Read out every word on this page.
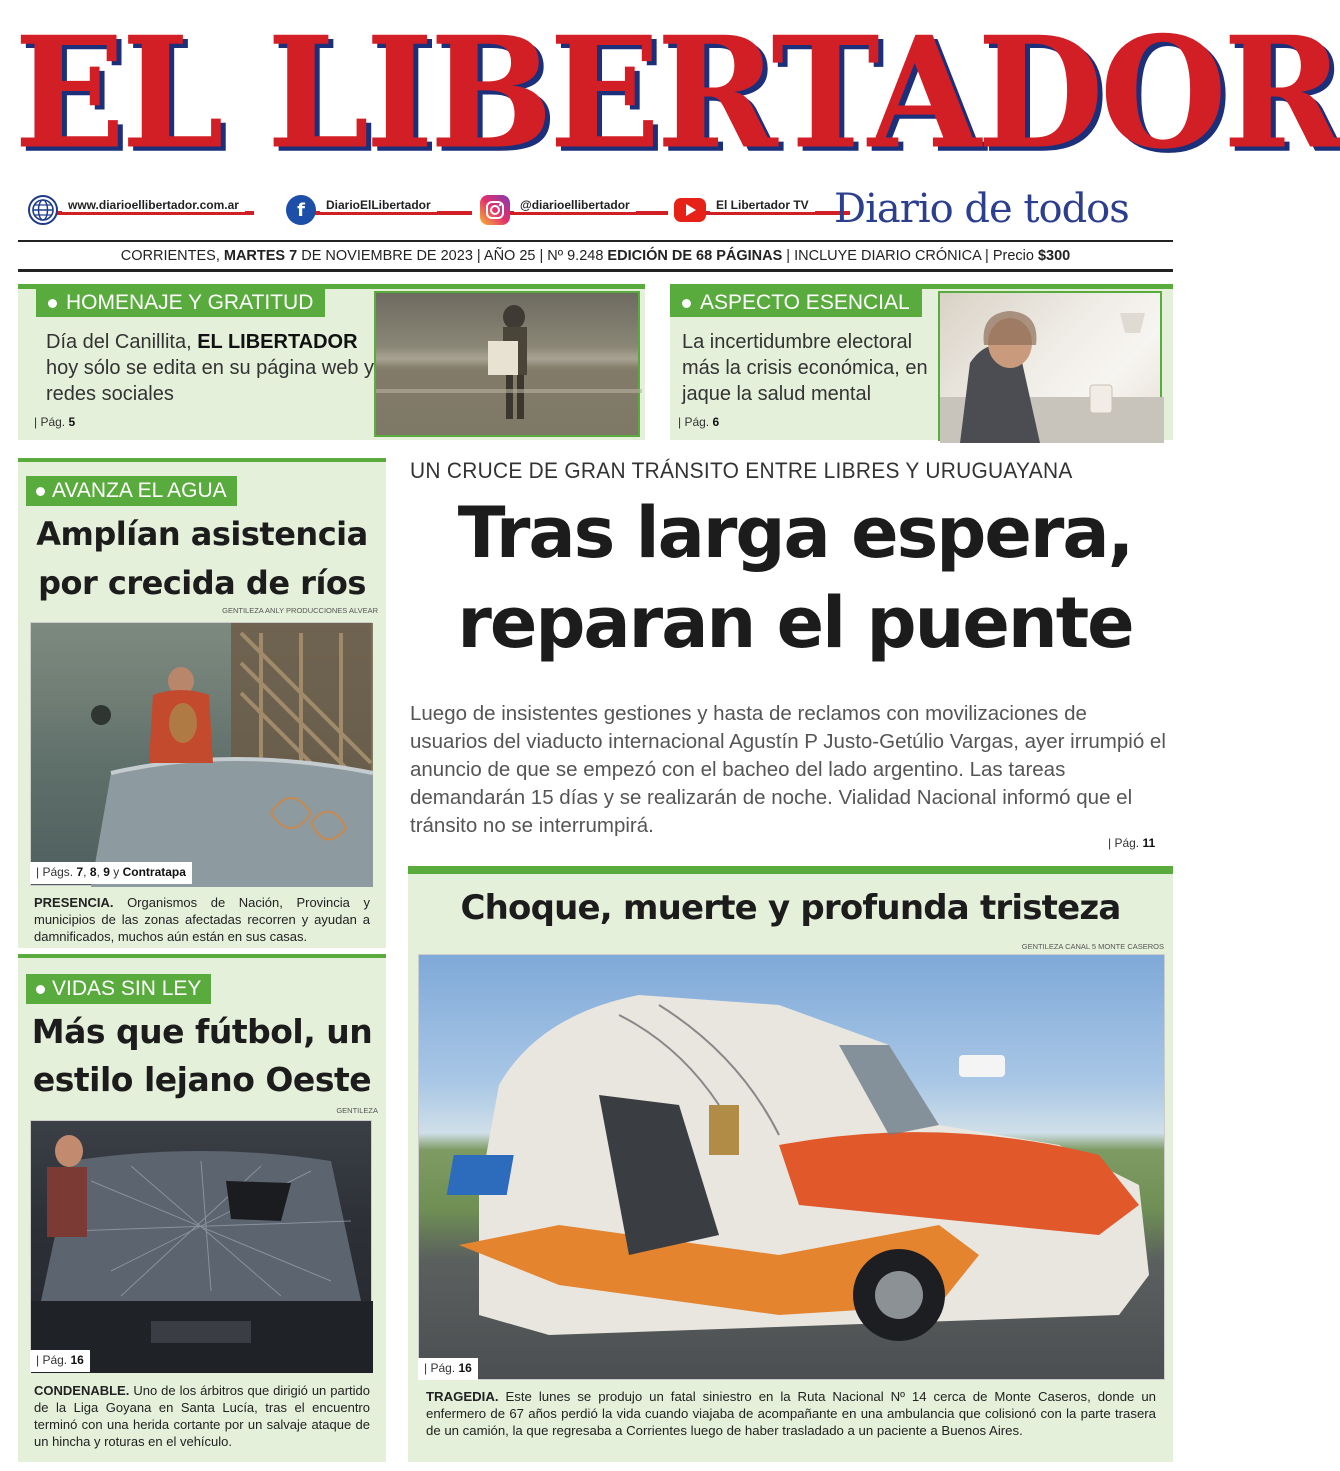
EL LIBERTADOR
www.diarioellibertador.com.ar	f	DiarioElLibertador	@diarioellibertador	El Libertador TV Diario de todos
CORRIENTES,
MARTES 7
DE NOVIEMBRE DE 2023 | AÑO 25 | Nº 9.248
EDICIÓN DE 68 PÁGINAS
| INCLUYE DIARIO CRÓNICA | Precio
$300
HOMENAJE Y GRATITUD
Día del Canillita, EL LIBERTADOR hoy sólo se edita en su página web y redes sociales
| Pág. 5
ASPECTO ESENCIAL
La incertidumbre electoral más la crisis económica, en jaque la salud mental
| Pág. 6
AVANZA EL AGUA
Amplían asistencia por crecida de ríos
GENTILEZA ANLY PRODUCCIONES ALVEAR
| Págs. 7, 8, 9 y Contratapa
PRESENCIA. Organismos de Nación, Provincia y municipios de las zonas afectadas recorren y ayudan a damnificados, muchos aún están en sus casas.
VIDAS SIN LEY
Más que fútbol, un estilo lejano Oeste
GENTILEZA
| Pág. 16
CONDENABLE. Uno de los árbitros que dirigió un partido de la Liga Goyana en Santa Lucía, tras el encuentro terminó con una herida cortante por un salvaje ataque de un hincha y roturas en el vehículo.
UN CRUCE DE GRAN TRÁNSITO ENTRE LIBRES Y URUGUAYANA
Tras larga espera, reparan el puente
Luego de insistentes gestiones y hasta de reclamos con movilizaciones de usuarios del viaducto internacional Agustín P Justo-Getúlio Vargas, ayer irrumpió el anuncio de que se empezó con el bacheo del lado argentino. Las tareas demandarán 15 días y se realizarán de noche. Vialidad Nacional informó que el tránsito no se interrumpirá.
| Pág. 11
Choque, muerte y profunda tristeza
GENTILEZA CANAL 5 MONTE CASEROS
| Pág. 16
TRAGEDIA. Este lunes se produjo un fatal siniestro en la Ruta Nacional Nº 14 cerca de Monte Caseros, donde un enfermero de 67 años perdió la vida cuando viajaba de acompañante en una ambulancia que colisionó con la parte trasera de un camión, la que regresaba a Corrientes luego de haber trasladado a un paciente a Buenos Aires.
